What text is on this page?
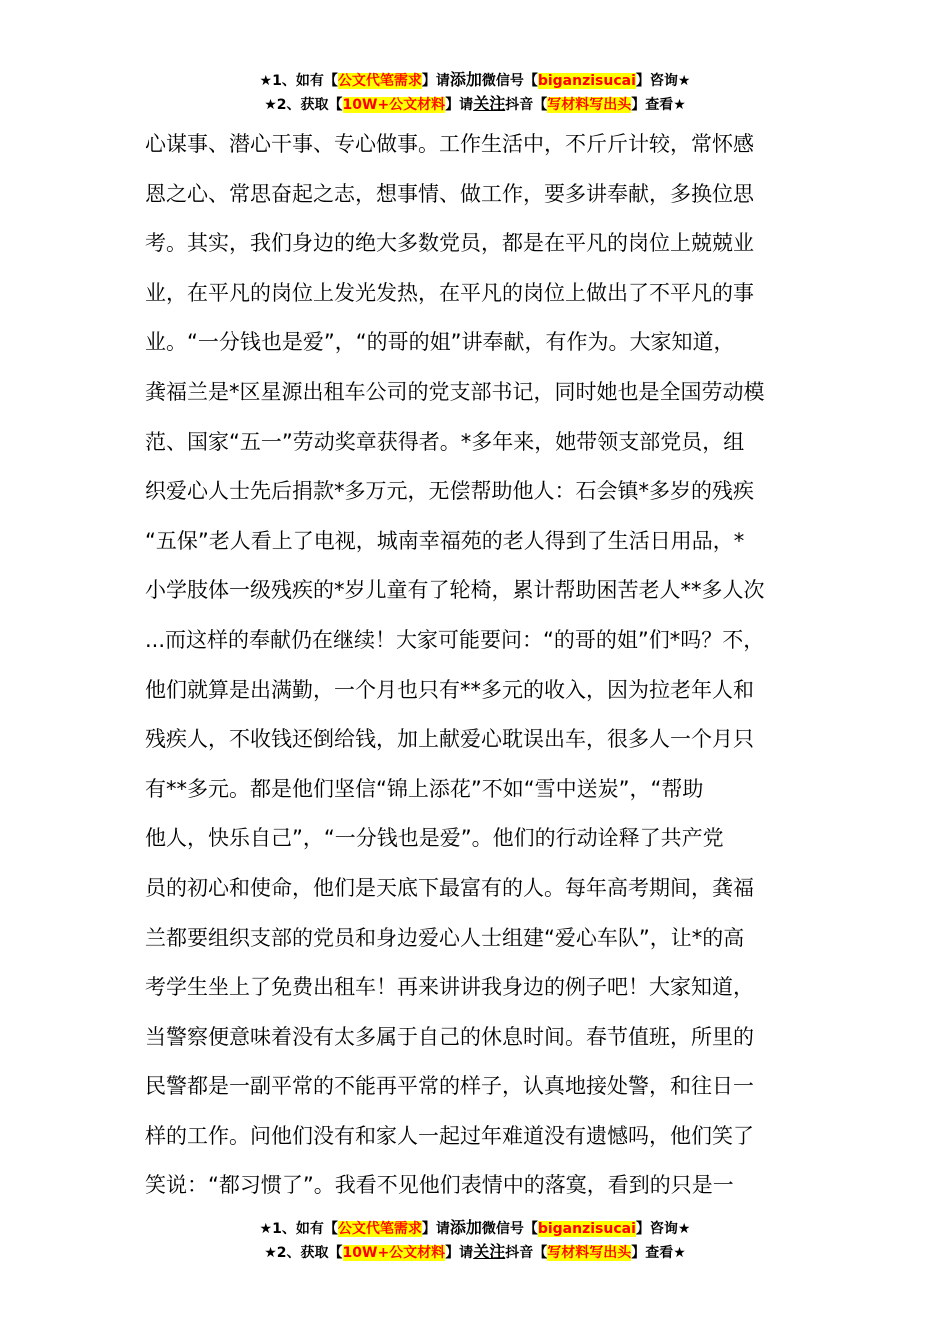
★1、如有【公文代笔需求】请添加微信号【biganzisucai】咨询★
★2、获取【10W+公文材料】请关注抖音【写材料写出头】查看★
心谋事、潜心干事、专心做事。工作生活中，不斤斤计较，常怀感
恩之心、常思奋起之志，想事情、做工作，要多讲奉献，多换位思
考。其实，我们身边的绝大多数党员，都是在平凡的岗位上兢兢业
业，在平凡的岗位上发光发热，在平凡的岗位上做出了不平凡的事
业。“一分钱也是爱”，“的哥的姐”讲奉献，有作为。大家知道，
龚福兰是*区星源出租车公司的党支部书记，同时她也是全国劳动模
范、国家“五一”劳动奖章获得者。*多年来，她带领支部党员，组
织爱心人士先后捐款*多万元，无偿帮助他人：石会镇*多岁的残疾
“五保”老人看上了电视，城南幸福苑的老人得到了生活日用品，*
小学肢体一级残疾的*岁儿童有了轮椅，累计帮助困苦老人**多人次
...而这样的奉献仍在继续！大家可能要问：“的哥的姐”们*吗？不，
他们就算是出满勤，一个月也只有**多元的收入，因为拉老年人和
残疾人，不收钱还倒给钱，加上献爱心耽误出车，很多人一个月只
有**多元。都是他们坚信“锦上添花”不如“雪中送炭”，“帮助
他人，快乐自己”，“一分钱也是爱”。他们的行动诠释了共产党
员的初心和使命，他们是天底下最富有的人。每年高考期间，龚福
兰都要组织支部的党员和身边爱心人士组建“爱心车队”，让*的高
考学生坐上了免费出租车！再来讲讲我身边的例子吧！大家知道，
当警察便意味着没有太多属于自己的休息时间。春节值班，所里的
民警都是一副平常的不能再平常的样子，认真地接处警，和往日一
样的工作。问他们没有和家人一起过年难道没有遗憾吗，他们笑了
笑说：“都习惯了”。我看不见他们表情中的落寞，看到的只是一
★1、如有【公文代笔需求】请添加微信号【biganzisucai】咨询★
★2、获取【10W+公文材料】请关注抖音【写材料写出头】查看★
